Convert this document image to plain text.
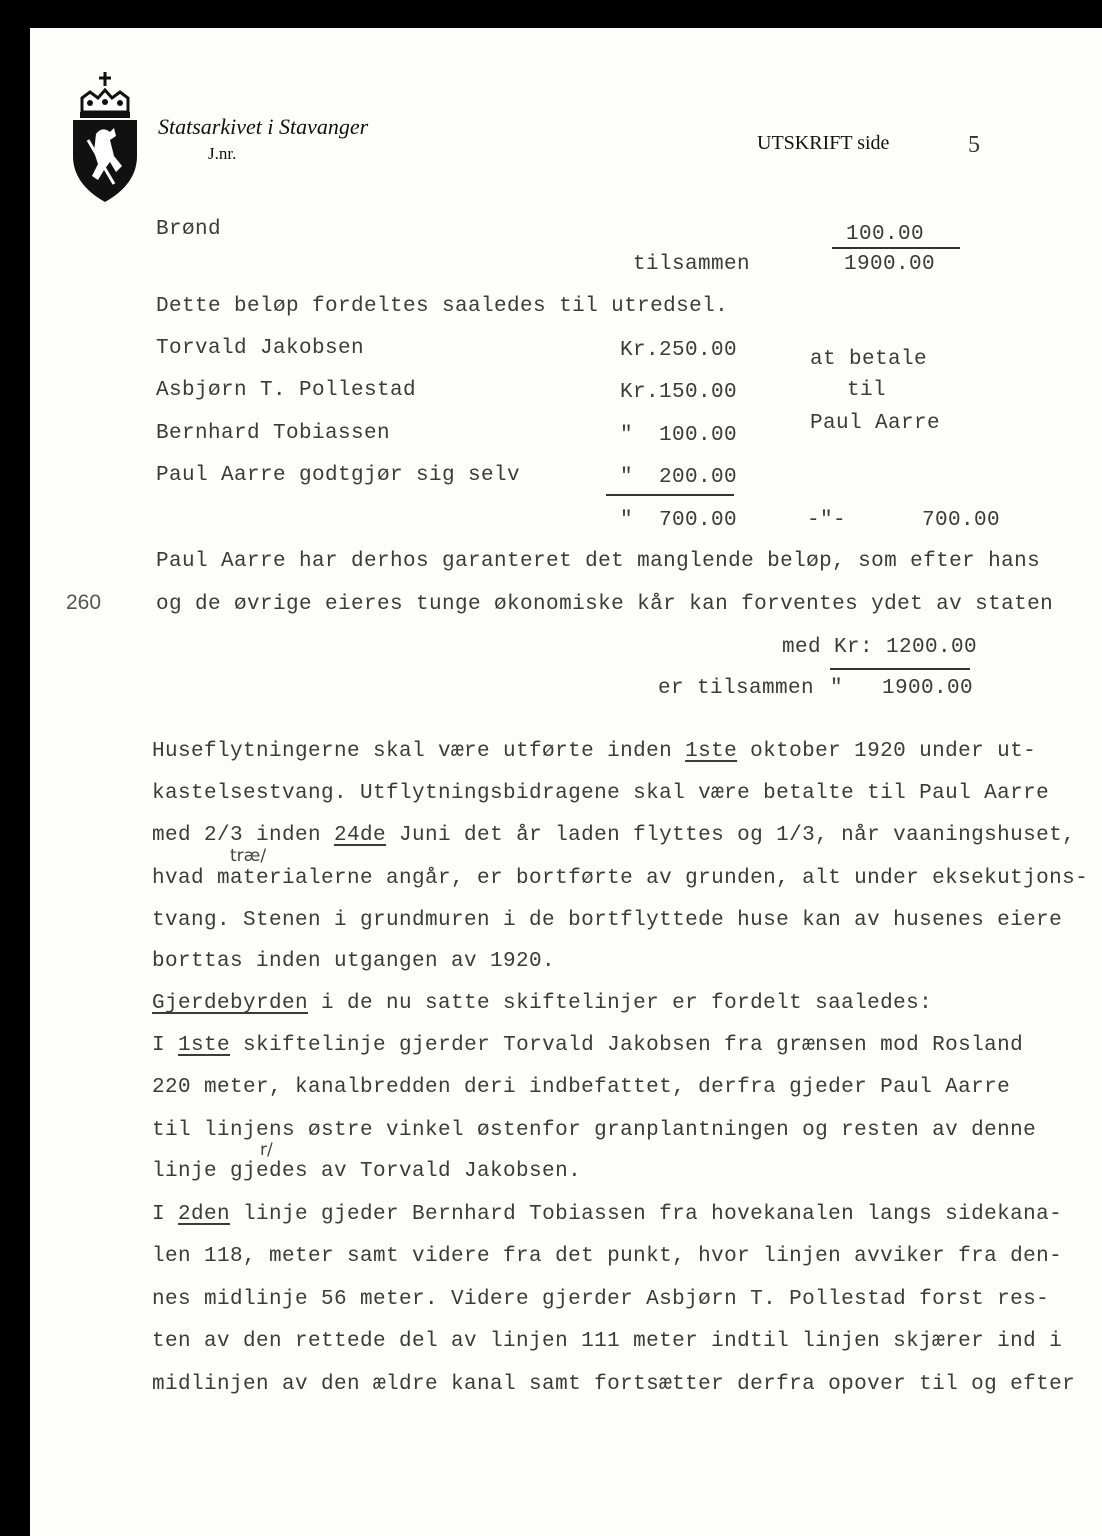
Statsarkivet i Stavanger
J.nr.	UTSKRIFT side	5
Brønd	100.00
tilsammen	1900.00
Dette beløp fordeltes saaledes til utredsel.
Torvald Jakobsen	Kr.250.00
Asbjørn T. Pollestad	Kr.150.00
Bernhard Tobiassen	"  100.00
Paul Aarre godtgjør sig selv	"  200.00
at betale
til
Paul Aarre
"  700.00	-"-	700.00
Paul Aarre har derhos garanteret det manglende beløp, som efter hans
260	og de øvrige eieres tunge økonomiske kår kan forventes ydet av staten
med Kr: 1200.00
er tilsammen "   1900.00
Huseflytningerne skal være utførte inden 1ste oktober 1920 under ut-
kastelsestvang. Utflytningsbidragene skal være betalte til Paul Aarre
med 2/3 inden 24de Juni det år laden flyttes og 1/3, når vaaningshuset,
træ/
hvad materialerne angår, er bortførte av grunden, alt under eksekutjons-
tvang. Stenen i grundmuren i de bortflyttede huse kan av husenes eiere
borttas inden utgangen av 1920.
Gjerdebyrden i de nu satte skiftelinjer er fordelt saaledes:
I 1ste skiftelinje gjerder Torvald Jakobsen fra grænsen mod Rosland
220 meter, kanalbredden deri indbefattet, derfra gjeder Paul Aarre
til linjens østre vinkel østenfor granplantningen og resten av denne
r/
linje gjedes av Torvald Jakobsen.
I 2den linje gjeder Bernhard Tobiassen fra hovekanalen langs sidekana-
len 118, meter samt videre fra det punkt, hvor linjen avviker fra den-
nes midlinje 56 meter. Videre gjerder Asbjørn T. Pollestad forst res-
ten av den rettede del av linjen 111 meter indtil linjen skjærer ind i
midlinjen av den ældre kanal samt fortsætter derfra opover til og efter
